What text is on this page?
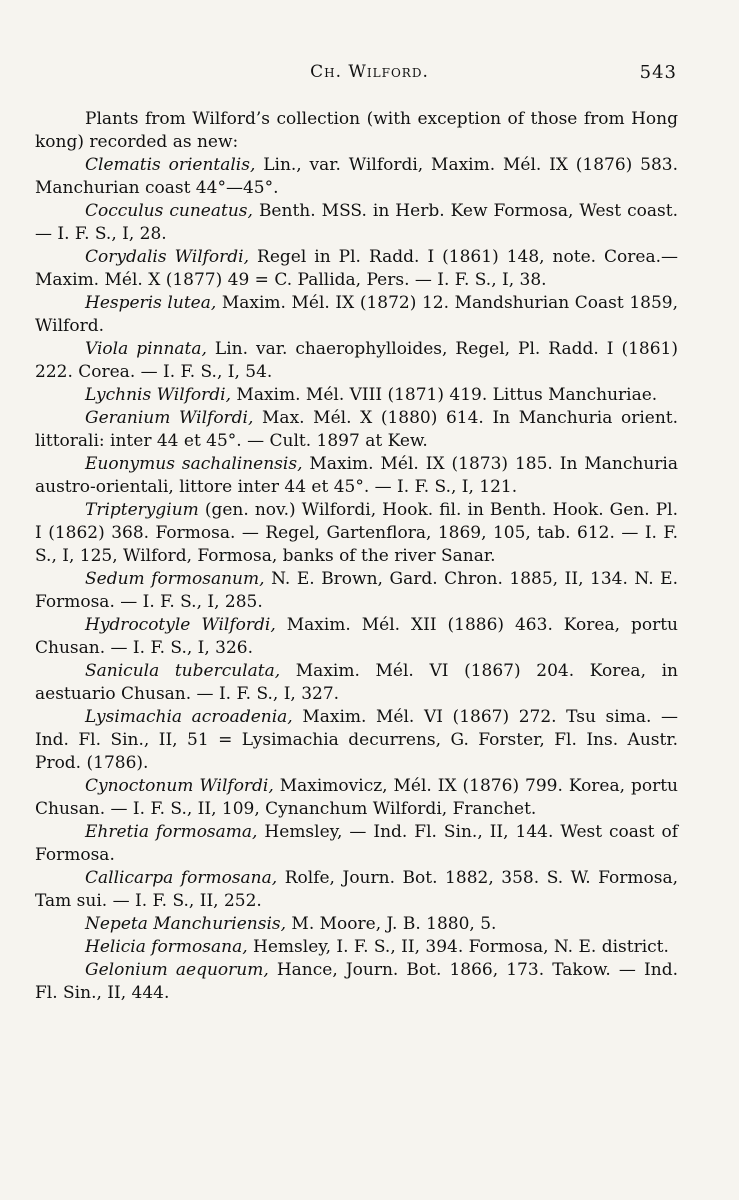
Ch. Wilford.	543

Plants from Wilford’s collection (with exception of those from Hong kong) recorded as new:

Clematis orientalis, Lin., var. Wilfordi, Maxim. Mél. IX (1876) 583. Manchurian coast 44°—45°.

Cocculus cuneatus, Benth. MSS. in Herb. Kew Formosa, West coast.— I. F. S., I, 28.

Corydalis Wilfordi, Regel in Pl. Radd. I (1861) 148, note. Corea.— Maxim. Mél. X (1877) 49 = C. Pallida, Pers. — I. F. S., I, 38.

Hesperis lutea, Maxim. Mél. IX (1872) 12. Mandshurian Coast 1859, Wilford.

Viola pinnata, Lin. var. chaerophylloides, Regel, Pl. Radd. I (1861) 222. Corea. — I. F. S., I, 54.

Lychnis Wilfordi, Maxim. Mél. VIII (1871) 419. Littus Manchuriae.

Geranium Wilfordi, Max. Mél. X (1880) 614. In Manchuria orient. littorali: inter 44 et 45°. — Cult. 1897 at Kew.

Euonymus sachalinensis, Maxim. Mél. IX (1873) 185. In Manchuria austro-orientali, littore inter 44 et 45°. — I. F. S., I, 121.

Tripterygium (gen. nov.) Wilfordi, Hook. fil. in Benth. Hook. Gen. Pl. I (1862) 368. Formosa. — Regel, Gartenflora, 1869, 105, tab. 612. — I. F. S., I, 125, Wilford, Formosa, banks of the river Sanar.

Sedum formosanum, N. E. Brown, Gard. Chron. 1885, II, 134. N. E. Formosa. — I. F. S., I, 285.

Hydrocotyle Wilfordi, Maxim. Mél. XII (1886) 463. Korea, portu Chusan. — I. F. S., I, 326.

Sanicula tuberculata, Maxim. Mél. VI (1867) 204. Korea, in aestuario Chusan. — I. F. S., I, 327.

Lysimachia acroadenia, Maxim. Mél. VI (1867) 272. Tsu sima. — Ind. Fl. Sin., II, 51 = Lysimachia decurrens, G. Forster, Fl. Ins. Austr. Prod. (1786).

Cynoctonum Wilfordi, Maximovicz, Mél. IX (1876) 799. Korea, portu Chusan. — I. F. S., II, 109, Cynanchum Wilfordi, Franchet.

Ehretia formosama, Hemsley, — Ind. Fl. Sin., II, 144. West coast of Formosa.

Callicarpa formosana, Rolfe, Journ. Bot. 1882, 358. S. W. Formosa, Tam sui. — I. F. S., II, 252.

Nepeta Manchuriensis, M. Moore, J. B. 1880, 5.

Helicia formosana, Hemsley, I. F. S., II, 394. Formosa, N. E. district.

Gelonium aequorum, Hance, Journ. Bot. 1866, 173. Takow. — Ind. Fl. Sin., II, 444.
